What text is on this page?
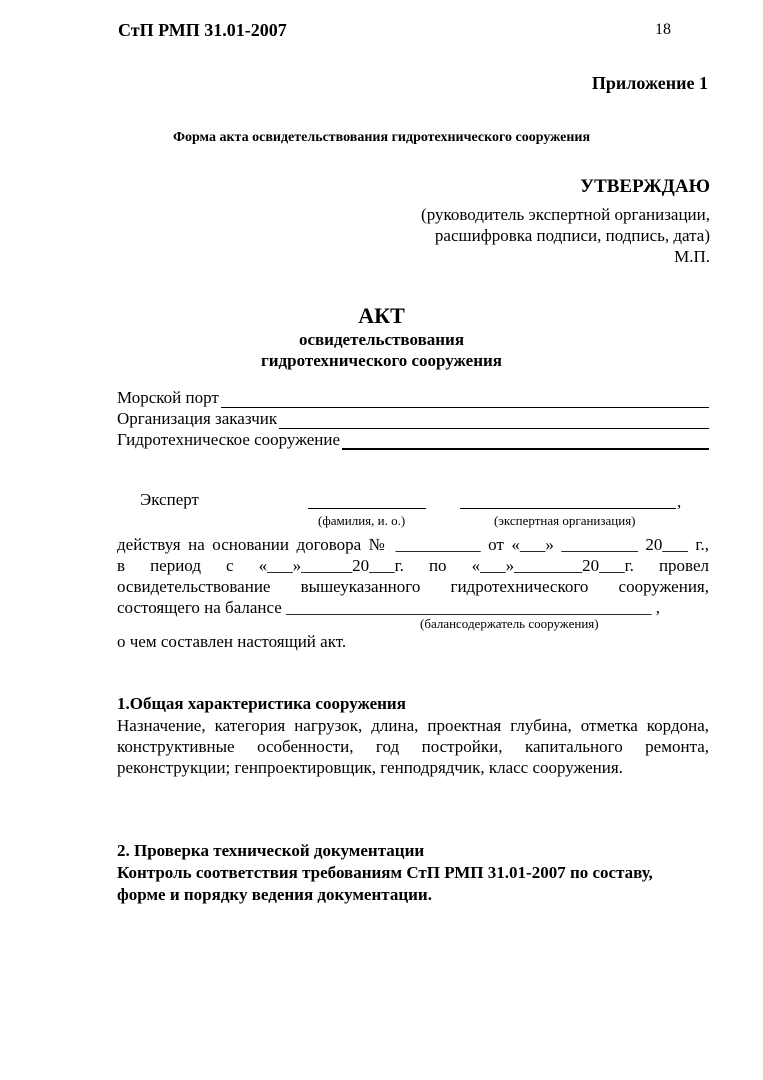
СтП РМП 31.01-2007	18
Приложение 1
Форма акта освидетельствования гидротехнического сооружения
УТВЕРЖДАЮ
(руководитель экспертной организации,
расшифровка подписи, подпись, дата)
М.П.
АКТ
освидетельствования
гидротехнического сооружения
Морской порт
Организация заказчик
Гидротехническое сооружение
Эксперт	,
(фамилия, и. о.)	(экспертная организация)
действуя на основании договора № __________ от «___» _________ 20___ г.,
в период с «___»______20___г. по «___»________20___г. провел
освидетельствование вышеуказанного гидротехнического сооружения,
состоящего на балансе ___________________________________________ ,
(балансодержатель сооружения)
о чем составлен настоящий акт.
1.Общая характеристика сооружения
Назначение, категория нагрузок, длина, проектная глубина, отметка кордона,
конструктивные особенности, год постройки, капитального ремонта,
реконструкции; генпроектировщик, генподрядчик, класс сооружения.
2. Проверка технической документации
Контроль соответствия требованиям СтП РМП 31.01-2007 по составу,
форме и порядку ведения документации.
